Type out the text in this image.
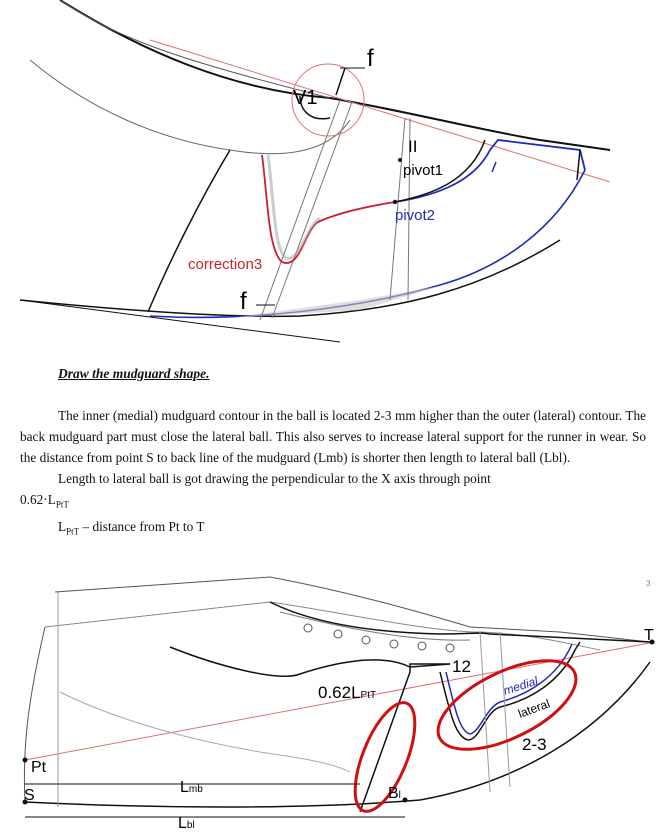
f
V1
II
pivot1
pivot2
correction3
f
Draw the mudguard shape.

The inner (medial) mudguard contour in the ball is located 2-3 mm higher than the outer (lateral) contour. The back mudguard part must close the lateral ball. This also serves to increase lateral support for the runner in wear. So the distance from point S to back line of the mudguard (Lmb) is shorter then length to lateral ball (Lbl).

Length to lateral ball is got drawing the perpendicular to the X axis through point

$0.62\cdot L_{PtT}$
$L_{PtT}$ – distance from Pt to T
12
0.62LPtT	medial
lateral
2-3
Pt
S	Lmb
Lbl
Bl
T
3
